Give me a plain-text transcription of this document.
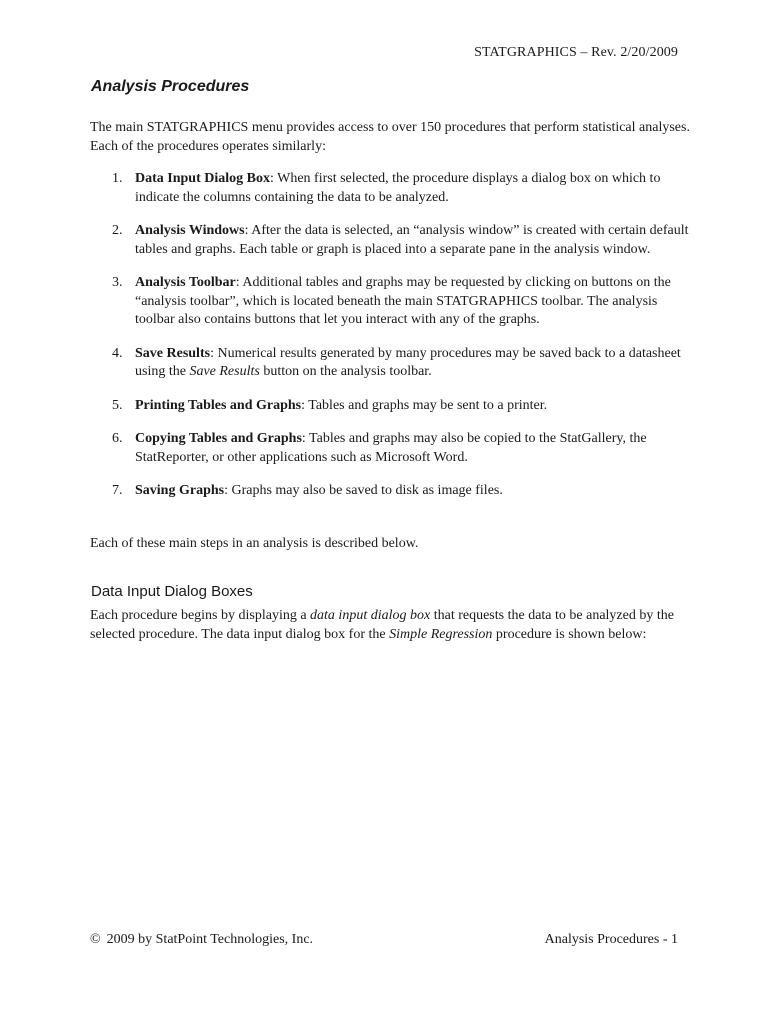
STATGRAPHICS – Rev. 2/20/2009
Analysis Procedures

The main STATGRAPHICS menu provides access to over 150 procedures that perform statistical analyses. Each of the procedures operates similarly:

1. Data Input Dialog Box: When first selected, the procedure displays a dialog box on which to indicate the columns containing the data to be analyzed.
2. Analysis Windows: After the data is selected, an “analysis window” is created with certain default tables and graphs. Each table or graph is placed into a separate pane in the analysis window.
3. Analysis Toolbar: Additional tables and graphs may be requested by clicking on buttons on the “analysis toolbar”, which is located beneath the main STATGRAPHICS toolbar. The analysis toolbar also contains buttons that let you interact with any of the graphs.
4. Save Results: Numerical results generated by many procedures may be saved back to a datasheet using the Save Results button on the analysis toolbar.
5. Printing Tables and Graphs: Tables and graphs may be sent to a printer.
6. Copying Tables and Graphs: Tables and graphs may also be copied to the StatGallery, the StatReporter, or other applications such as Microsoft Word.
7. Saving Graphs: Graphs may also be saved to disk as image files.

Each of these main steps in an analysis is described below.

Data Input Dialog Boxes

Each procedure begins by displaying a data input dialog box that requests the data to be analyzed by the selected procedure. The data input dialog box for the Simple Regression procedure is shown below:

© 2009 by StatPoint Technologies, Inc.	Analysis Procedures - 1
